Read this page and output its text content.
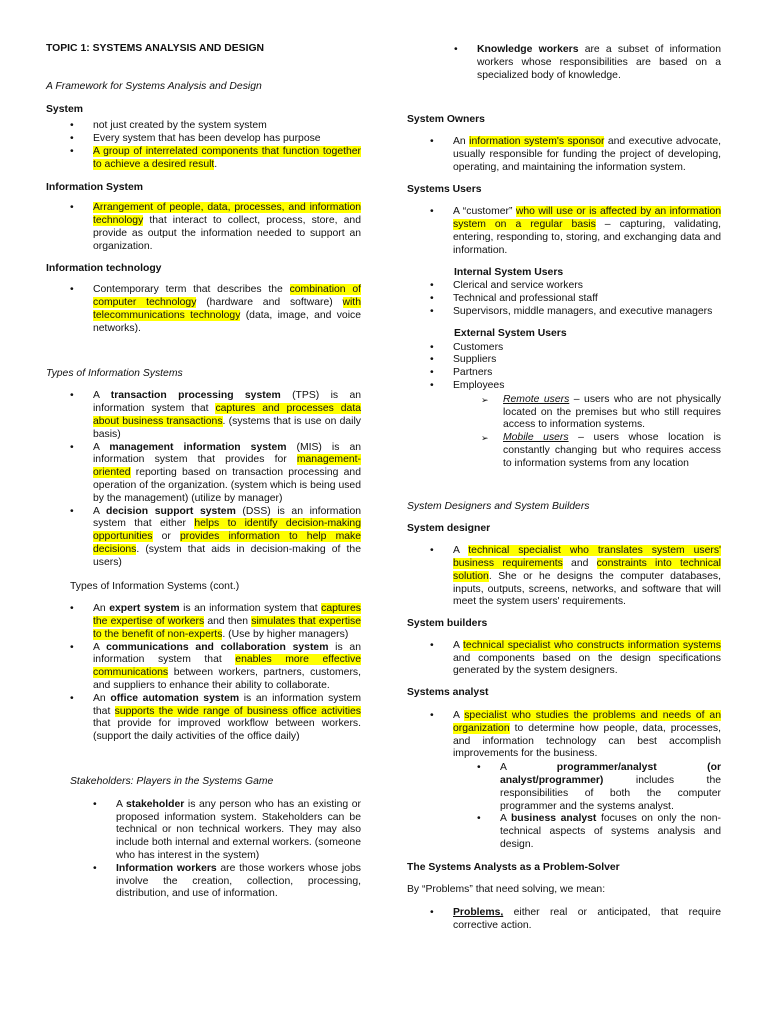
TOPIC 1: SYSTEMS ANALYSIS AND DESIGN

A Framework for Systems Analysis and Design

System

• not just created by the system system
• Every system that has been develop has purpose
• A group of interrelated components that function together to achieve a desired result.

Information System

• Arrangement of people, data, processes, and information technology that interact to collect, process, store, and provide as output the information needed to support an organization.

Information technology

• Contemporary term that describes the combination of computer technology (hardware and software) with telecommunications technology (data, image, and voice networks).

Types of Information Systems

• A transaction processing system (TPS) is an information system that captures and processes data about business transactions. (systems that is use on daily basis)
• A management information system (MIS) is an information system that provides for management-oriented reporting based on transaction processing and operation of the organization. (system which is being used by the management) (utilize by manager)
• A decision support system (DSS) is an information system that either helps to identify decision-making opportunities or provides information to help make decisions. (system that aids in decision-making of the users)

Types of Information Systems (cont.)

• An expert system is an information system that captures the expertise of workers and then simulates that expertise to the benefit of non-experts. (Use by higher managers)
• A communications and collaboration system is an information system that enables more effective communications between workers, partners, customers, and suppliers to enhance their ability to collaborate.
• An office automation system is an information system that supports the wide range of business office activities that provide for improved workflow between workers. (support the daily activities of the office daily)

Stakeholders: Players in the Systems Game

• A stakeholder is any person who has an existing or proposed information system. Stakeholders can be technical or non technical workers. They may also include both internal and external workers. (someone who has interest in the system)
• Information workers are those workers whose jobs involve the creation, collection, processing, distribution, and use of information.
• Knowledge workers are a subset of information workers whose responsibilities are based on a specialized body of knowledge.

System Owners

• An information system's sponsor and executive advocate, usually responsible for funding the project of developing, operating, and maintaining the information system.

Systems Users

• A “customer” who will use or is affected by an information system on a regular basis – capturing, validating, entering, responding to, storing, and exchanging data and information.

Internal System Users

• Clerical and service workers
• Technical and professional staff
• Supervisors, middle managers, and executive managers

External System Users

• Customers
• Suppliers
• Partners
• Employees
➢ Remote users – users who are not physically located on the premises but who still requires access to information systems.
➢ Mobile users – users whose location is constantly changing but who requires access to information systems from any location

System Designers and System Builders

System designer

• A technical specialist who translates system users' business requirements and constraints into technical solution. She or he designs the computer databases, inputs, outputs, screens, networks, and software that will meet the system users' requirements.

System builders

• A technical specialist who constructs information systems and components based on the design specifications generated by the system designers.

Systems analyst

• A specialist who studies the problems and needs of an organization to determine how people, data, processes, and information technology can best accomplish improvements for the business.
• A programmer/analyst (or analyst/programmer) includes the responsibilities of both the computer programmer and the systems analyst.
• A business analyst focuses on only the non-technical aspects of systems analysis and design.

The Systems Analysts as a Problem-Solver

By “Problems” that need solving, we mean:

• Problems, either real or anticipated, that require corrective action.
